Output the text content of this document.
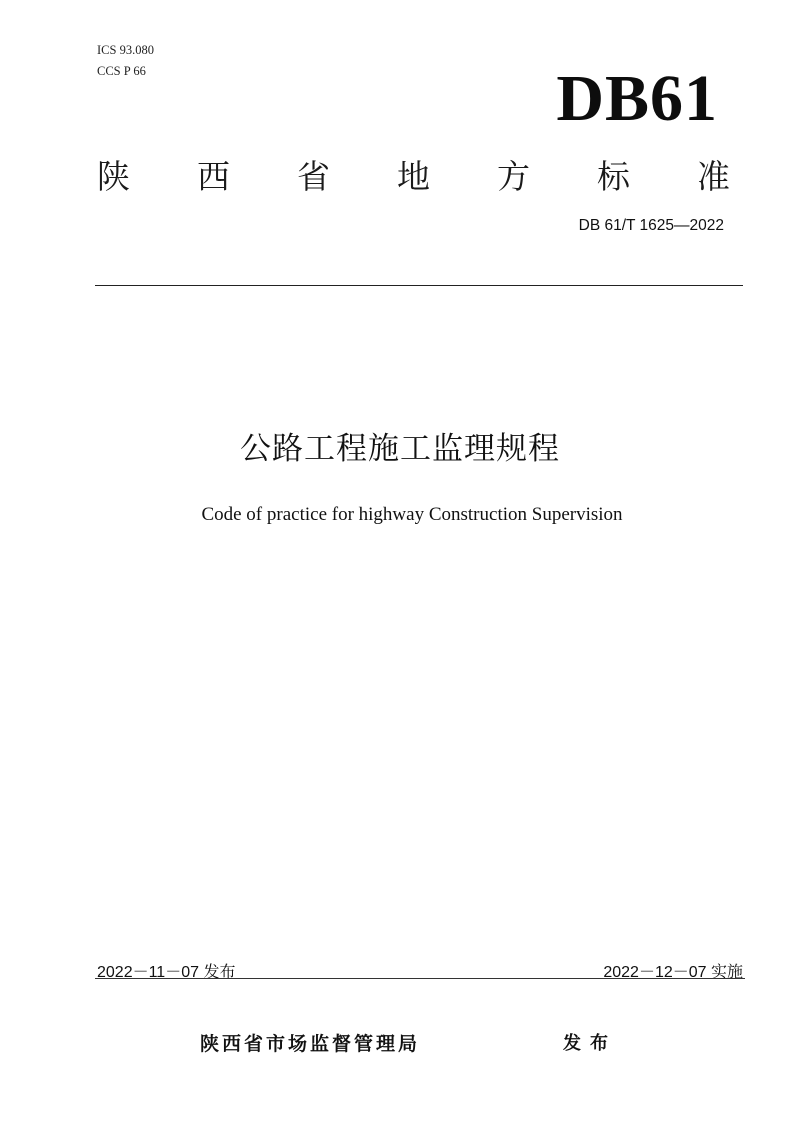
ICS 93.080
CCS P 66	DB61
陕 西 省 地 方 标 准
DB 61/T 1625—2022
公路工程施工监理规程
Code of practice for highway Construction Supervision
2022－11－07 发布	2022－12－07 实施
陕西省市场监督管理局	发布
